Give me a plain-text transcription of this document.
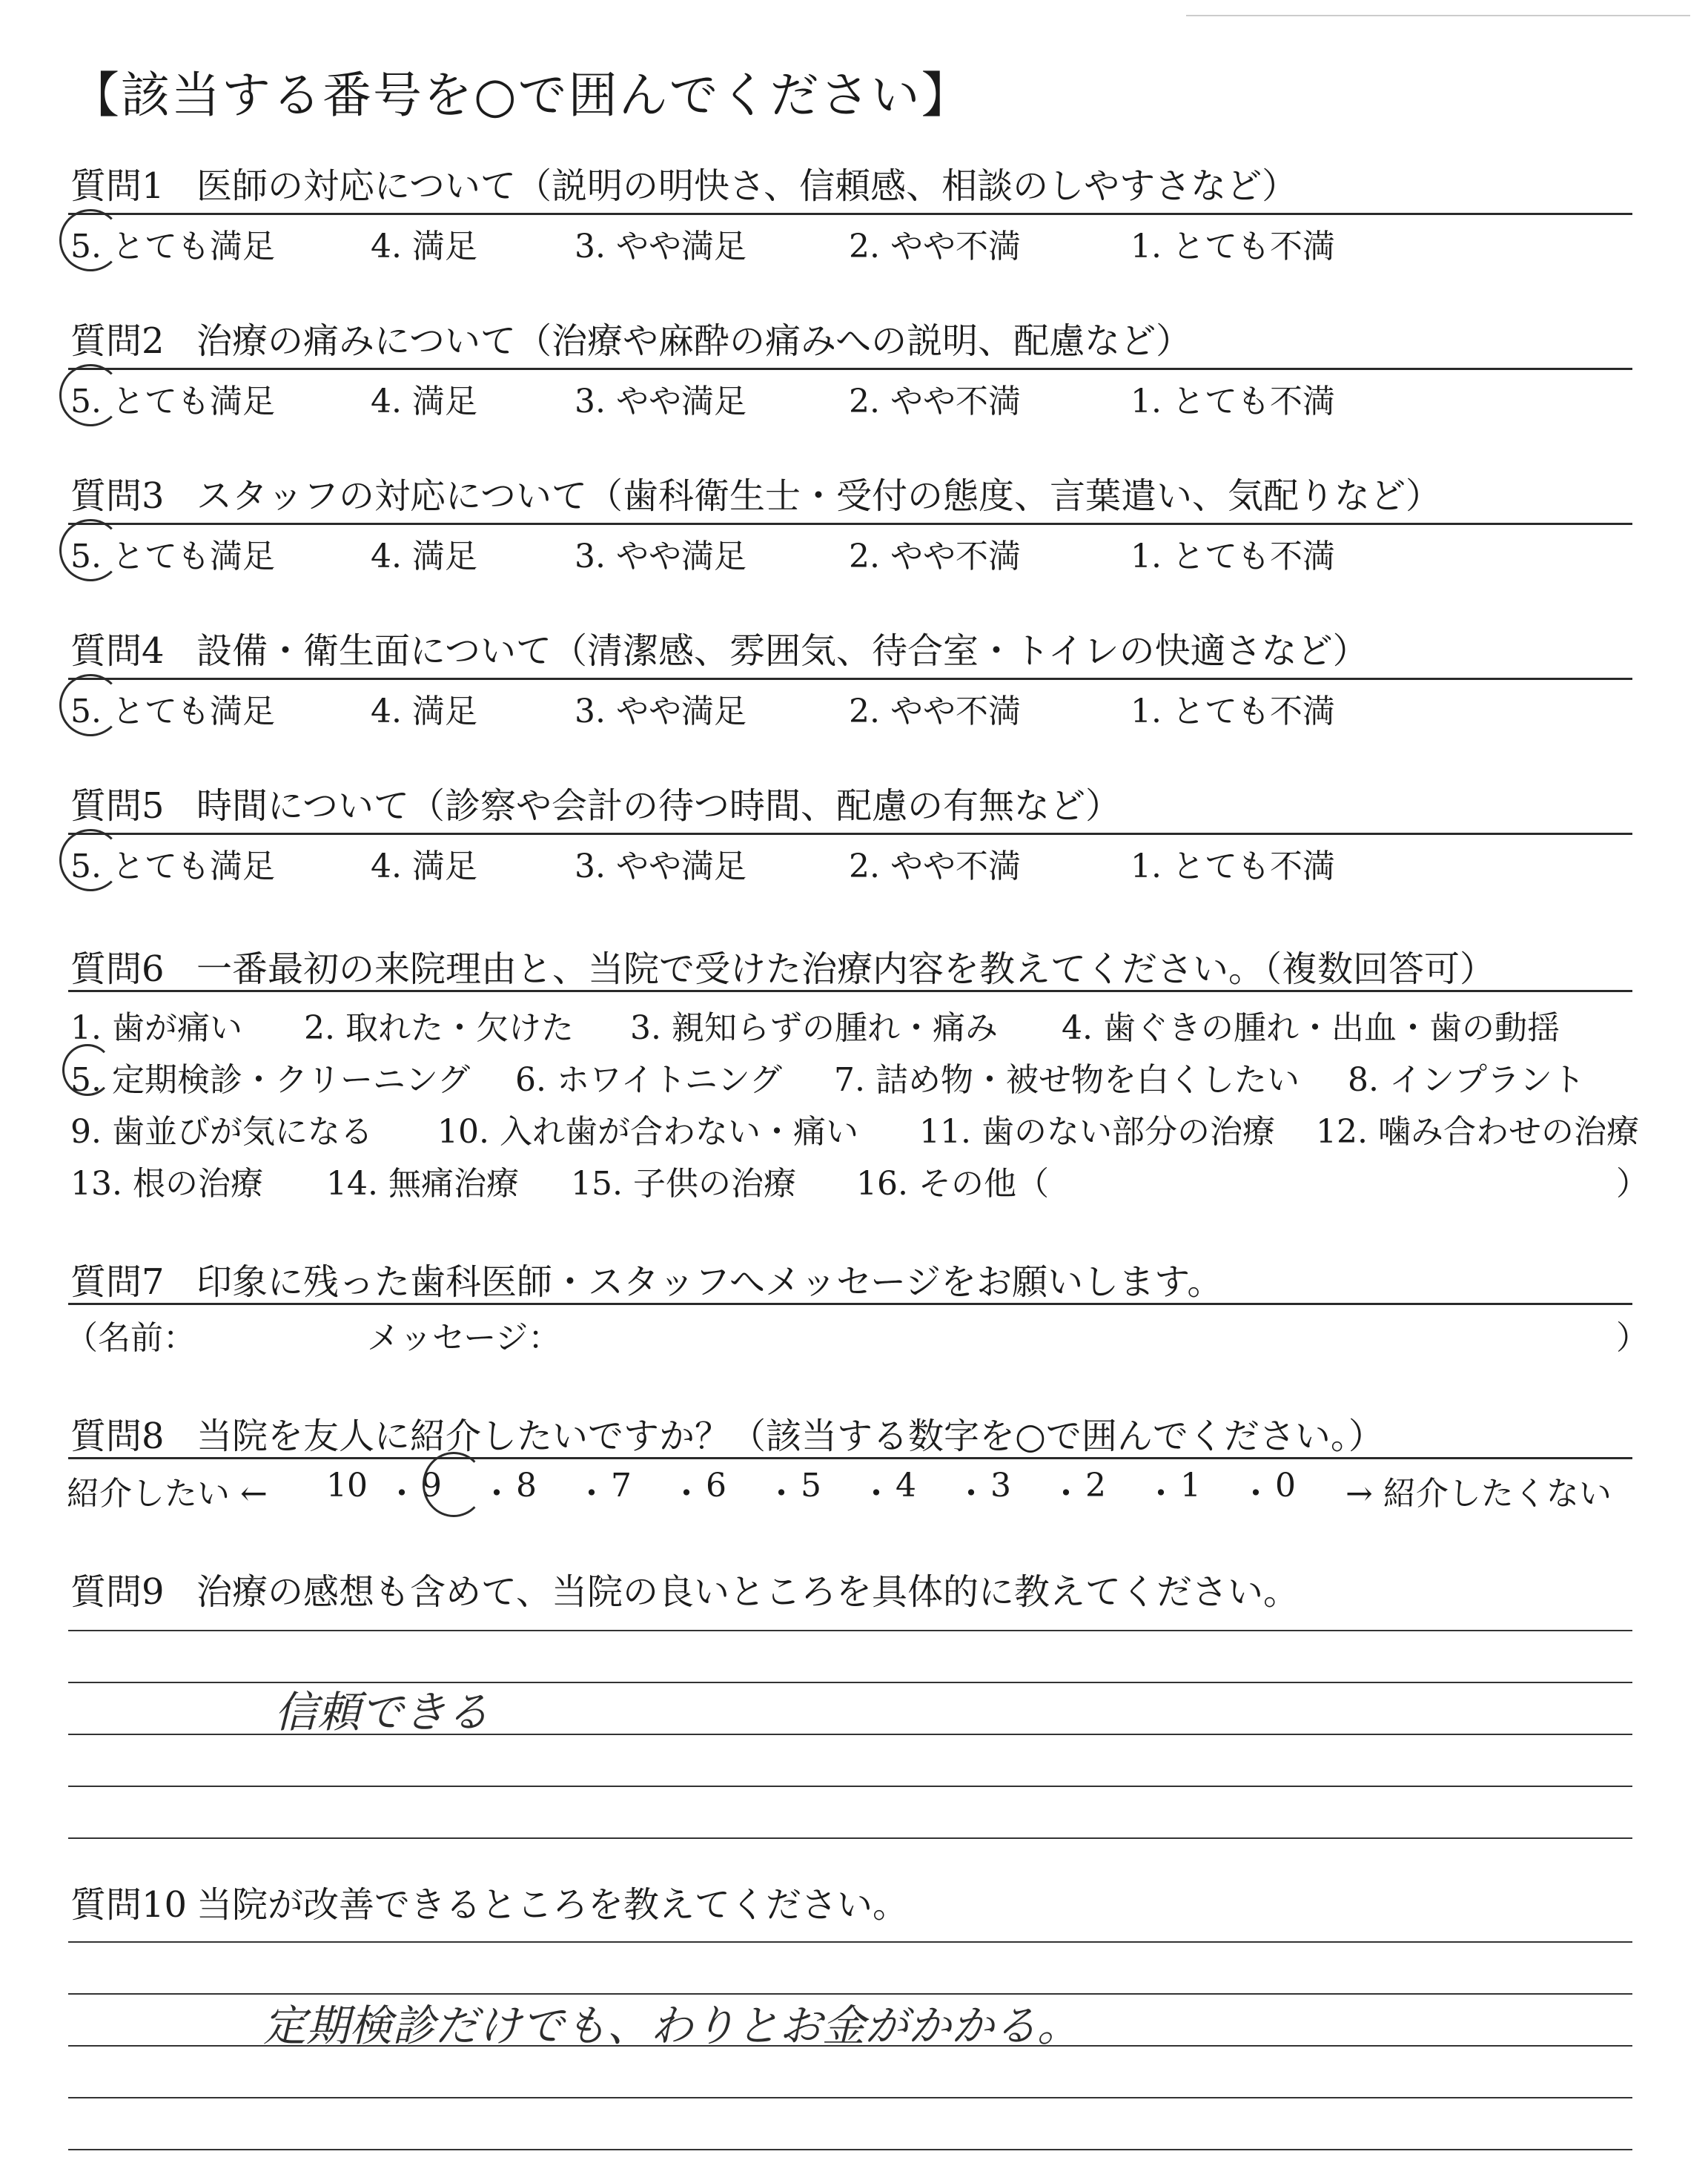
【該当する番号を○で囲んでください】
質問1 医師の対応について（説明の明快さ、信頼感、相談のしやすさなど）
5. とても満足	4. 満足	3. やや満足	2. やや不満	1. とても不満
質問2 治療の痛みについて（治療や麻酔の痛みへの説明、配慮など）
5. とても満足	4. 満足	3. やや満足	2. やや不満	1. とても不満
質問3 スタッフの対応について（歯科衛生士・受付の態度、言葉遣い、気配りなど）
5. とても満足	4. 満足	3. やや満足	2. やや不満	1. とても不満
質問4 設備・衛生面について（清潔感、雰囲気、待合室・トイレの快適さなど）
5. とても満足	4. 満足	3. やや満足	2. やや不満	1. とても不満
質問5 時間について（診察や会計の待つ時間、配慮の有無など）
5. とても満足	4. 満足	3. やや満足	2. やや不満	1. とても不満
質問6 一番最初の来院理由と、当院で受けた治療内容を教えてください。（複数回答可）
1. 歯が痛い 2. 取れた・欠けた 3. 親知らずの腫れ・痛み 4. 歯ぐきの腫れ・出血・歯の動揺
5. 定期検診・クリーニング 6. ホワイトニング 7. 詰め物・被せ物を白くしたい 8. インプラント
9. 歯並びが気になる 10. 入れ歯が合わない・痛い 11. 歯のない部分の治療 12. 噛み合わせの治療
13. 根の治療 14. 無痛治療 15. 子供の治療 16. その他（	）
質問7 印象に残った歯科医師・スタッフへメッセージをお願いします。
（名前：	メッセージ：	）
質問8 当院を友人に紹介したいですか？（該当する数字を○で囲んでください。）
紹介したい ←	→ 紹介したくない
10 ・ 9 ・ 8 ・ 7 ・ 6 ・ 5 ・ 4 ・ 3 ・ 2 ・ 1 ・ 0
質問9 治療の感想も含めて、当院の良いところを具体的に教えてください。
信頼できる
質問10 当院が改善できるところを教えてください。
定期検診だけでも、わりとお金がかかる。
